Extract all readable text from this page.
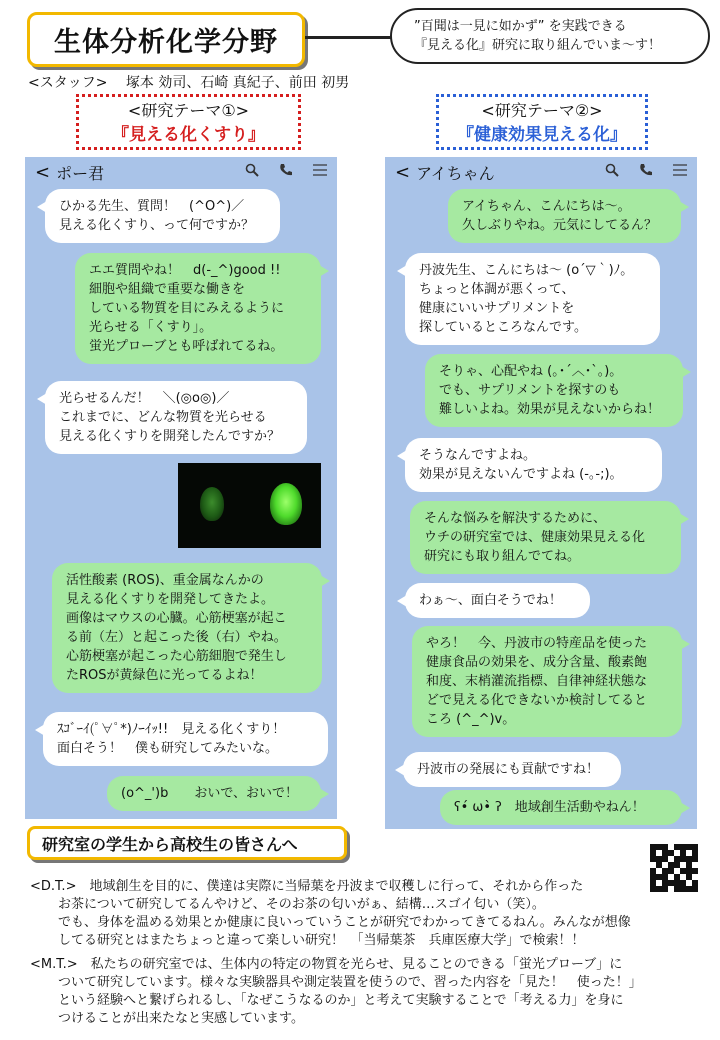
生体分析化学分野
”百聞は一見に如かず” を実践できる
『見える化』研究に取り組んでいま～す！
<スタッフ>　 塚本 効司、石崎 真紀子、前田 初男
<研究テーマ①>
『見える化くすり』
<研究テーマ②>
『健康効果見える化』
< ポー君
ひかる先生、質問！　(^O^)／
見える化くすり、って何ですか？
エエ質問やね！　d(-_^)good !!
細胞や組織で重要な働きを
している物質を目にみえるように
光らせる「くすり」。
蛍光プローブとも呼ばれてるね。
光らせるんだ！　＼(◎o◎)／
これまでに、どんな物質を光らせる
見える化くすりを開発したんですか？
活性酸素 (ROS)、重金属なんかの
見える化くすりを開発してきたよ。
画像はマウスの心臓。心筋梗塞が起こ
る前（左）と起こった後（右）やね。
心筋梗塞が起こった心筋細胞で発生し
たROSが黄緑色に光ってるよね！
ｽｺﾞｰｲ(ﾟ∀ﾟ*)ﾉｰｲｯ!!　見える化くすり！
面白そう！　僕も研究してみたいな。
(o^_')b　　おいで、おいで！
< アイちゃん
アイちゃん、こんにちは〜。
久しぶりやね。元気にしてるん？
丹波先生、こんにちは〜 (o´▽｀)ﾉ。
ちょっと体調が悪くって、
健康にいいサプリメントを
探しているところなんです。
そりゃ、心配やね (｡･´︿･`｡)。
でも、サプリメントを探すのも
難しいよね。効果が見えないからね！
そうなんですよね。
効果が見えないんですよね (-｡-;)。
そんな悩みを解決するために、
ウチの研究室では、健康効果見える化
研究にも取り組んでてね。
わぁ〜、面白そうでね！
やろ！　今、丹波市の特産品を使った
健康食品の効果を、成分含量、酸素飽
和度、末梢灌流指標、自律神経状態な
どで見える化できないか検討してると
ころ (^_^)v。
丹波市の発展にも貢献ですね！
ʕ•́ ω•̀ ʔ　地域創生活動やねん！
研究室の学生から高校生の皆さんへ
<D.T.>　地域創生を目的に、僕達は実際に当帰葉を丹波まで収穫しに行って、それから作った
お茶について研究してるんやけど、そのお茶の匂いがぁ、結構…スゴイ匂い（笑）。
でも、身体を温める効果とか健康に良いっていうことが研究でわかってきてるねん。みんなが想像
してる研究とはまたちょっと違って楽しい研究！　「当帰葉茶　兵庫医療大学」で検索！！
<M.T.>　私たちの研究室では、生体内の特定の物質を光らせ、見ることのできる「蛍光プローブ」に
ついて研究しています。様々な実験器具や測定装置を使うので、習った内容を「見た！　使った！」
という経験へと繋げられるし、「なぜこうなるのか」と考えて実験することで「考える力」を身に
つけることが出来たなと実感しています。
